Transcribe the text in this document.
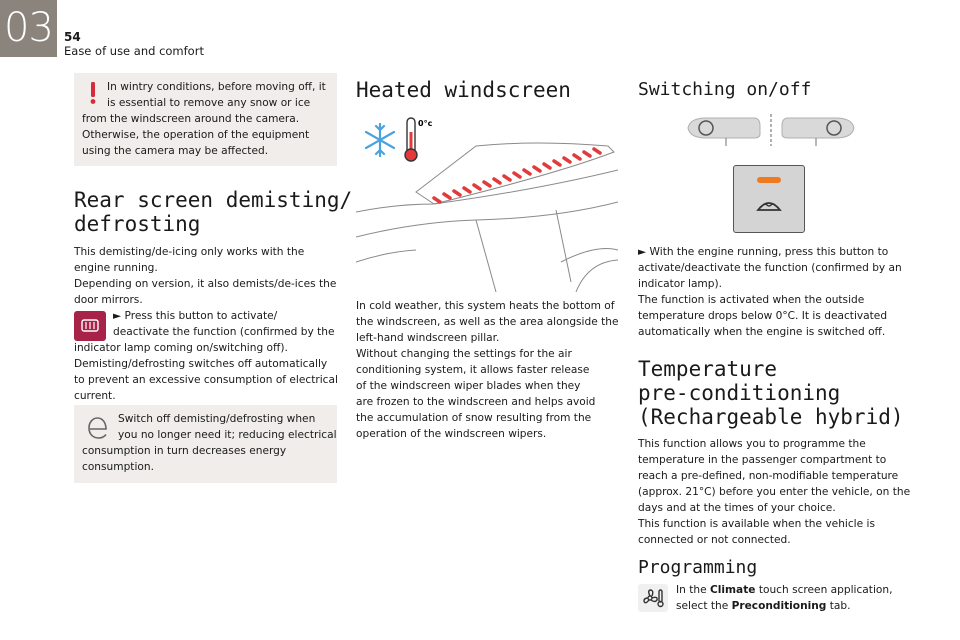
03 54
Ease of use and comfort
In wintry conditions, before moving off, it
is essential to remove any snow or ice
from the windscreen around the camera.
Otherwise, the operation of the equipment
using the camera may be affected.
Rear screen demisting/
defrosting
This demisting/de-icing only works with the
engine running.
Depending on version, it also demists/de-ices the
door mirrors.
► Press this button to activate/
deactivate the function (confirmed by the
indicator lamp coming on/switching off).
Demisting/defrosting switches off automatically
to prevent an excessive consumption of electrical
current.
Switch off demisting/defrosting when
you no longer need it; reducing electrical
consumption in turn decreases energy
consumption.
Heated windscreen
0°c
In cold weather, this system heats the bottom of
the windscreen, as well as the area alongside the
left-hand windscreen pillar.
Without changing the settings for the air
conditioning system, it allows faster release
of the windscreen wiper blades when they
are frozen to the windscreen and helps avoid
the accumulation of snow resulting from the
operation of the windscreen wipers.
Switching on/off
► With the engine running, press this button to
activate/deactivate the function (confirmed by an
indicator lamp).
The function is activated when the outside
temperature drops below 0°C. It is deactivated
automatically when the engine is switched off.
Temperature
pre-conditioning
(Rechargeable hybrid)
This function allows you to programme the
temperature in the passenger compartment to
reach a pre-defined, non-modifiable temperature
(approx. 21°C) before you enter the vehicle, on the
days and at the times of your choice.
This function is available when the vehicle is
connected or not connected.
Programming
In the Climate touch screen application,
select the Preconditioning tab.
